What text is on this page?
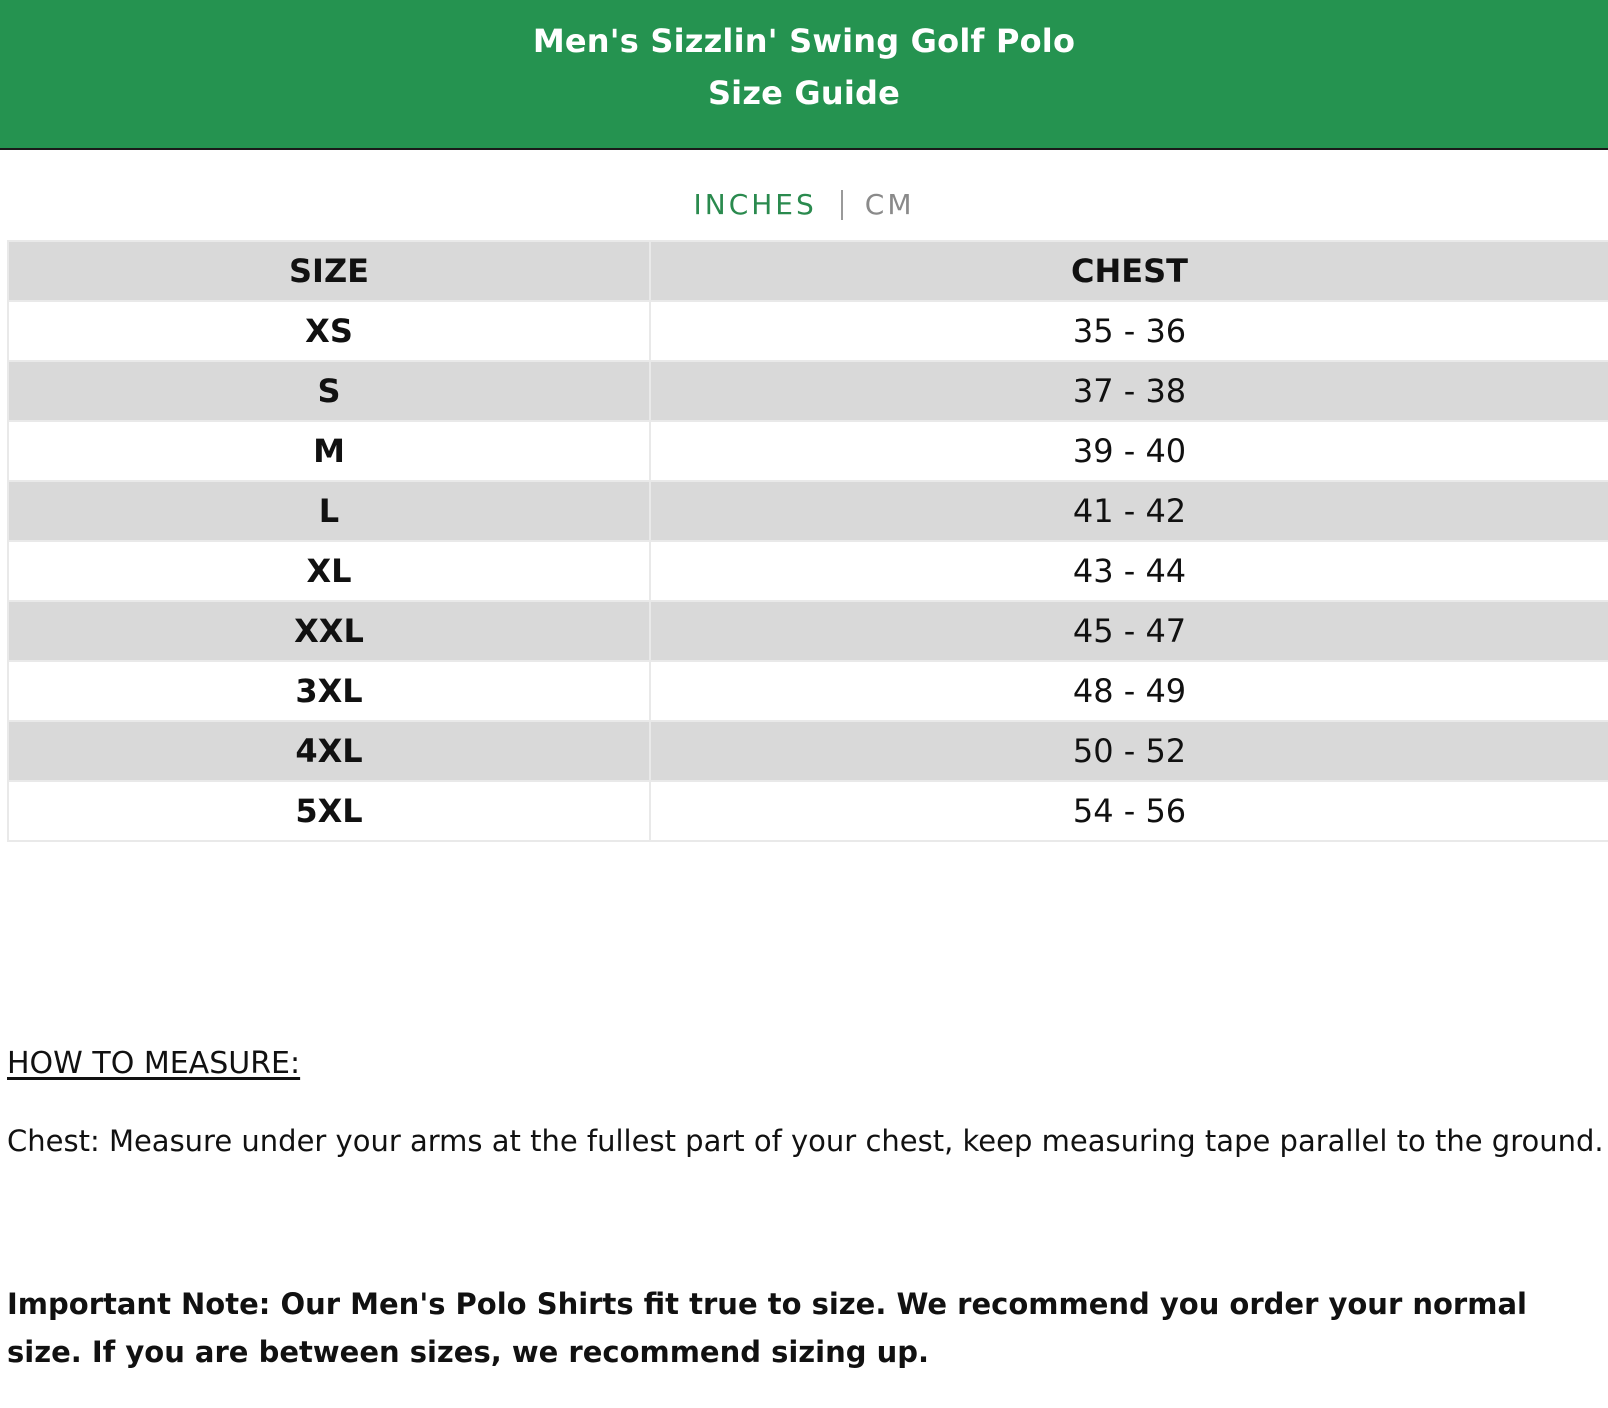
Men's Sizzlin' Swing Golf Polo
Size Guide
INCHES CM
SIZE	CHEST
XS	35 - 36
S	37 - 38
M	39 - 40
L	41 - 42
XL	43 - 44
XXL	45 - 47
3XL	48 - 49
4XL	50 - 52
5XL	54 - 56
HOW TO MEASURE:
Chest: Measure under your arms at the fullest part of your chest, keep measuring tape parallel to the ground.
Important Note: Our Men's Polo Shirts fit true to size. We recommend you order your normal size. If you are between sizes, we recommend sizing up.
